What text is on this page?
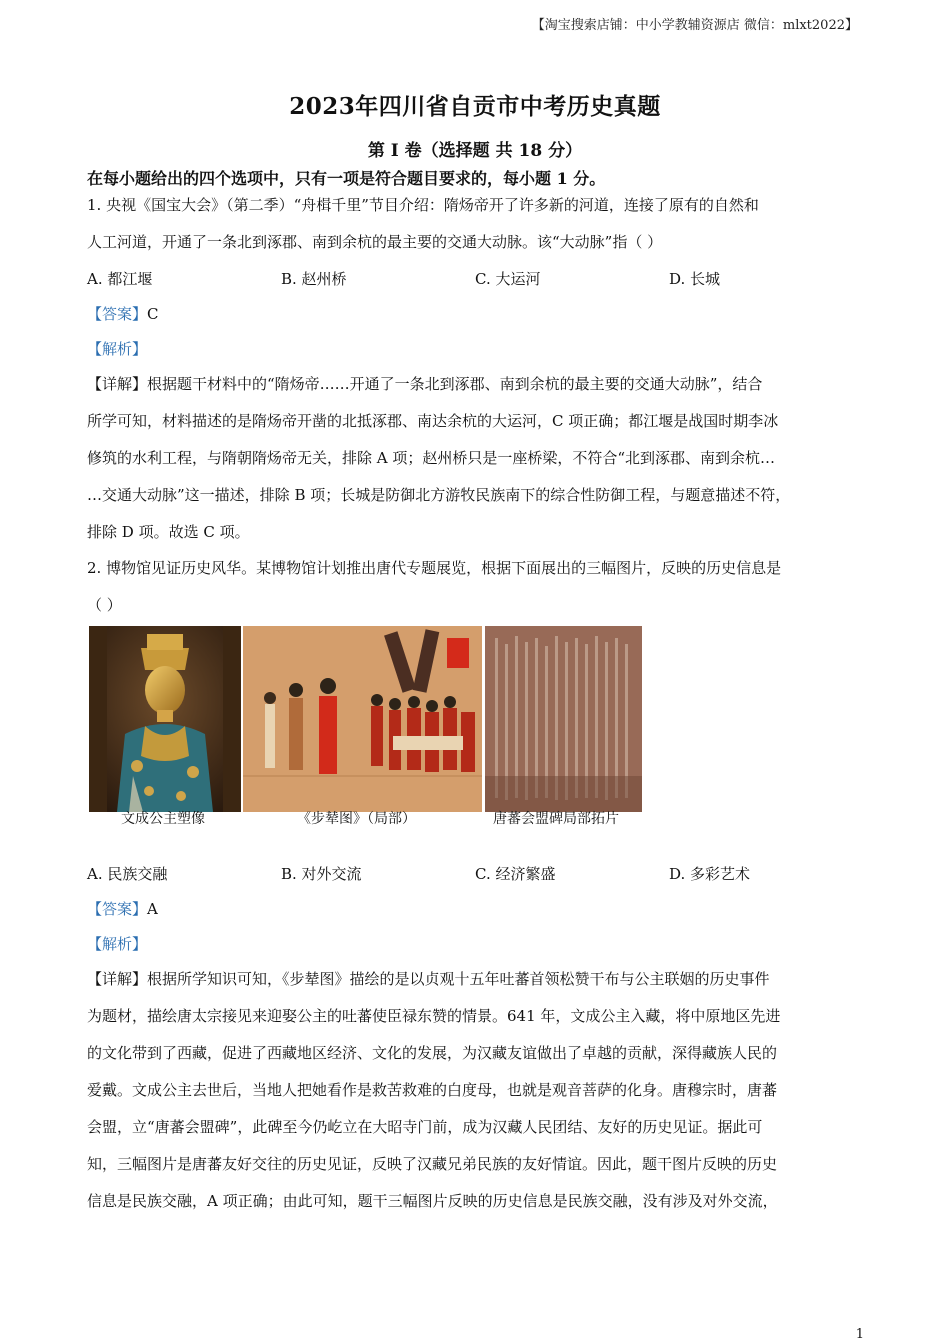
【淘宝搜索店铺：中小学教辅资源店 微信：mlxt2022】
2023年四川省自贡市中考历史真题
第 I 卷（选择题 共 18 分）
在每小题给出的四个选项中，只有一项是符合题目要求的，每小题 1 分。
1. 央视《国宝大会》（第二季）“舟楫千里”节目介绍：隋炀帝开了许多新的河道，连接了原有的自然和
人工河道，开通了一条北到涿郡、南到余杭的最主要的交通大动脉。该“大动脉”指（ ）
A. 都江堰	B. 赵州桥	C. 大运河	D. 长城
【答案】C
【解析】
【详解】根据题干材料中的“隋炀帝……开通了一条北到涿郡、南到余杭的最主要的交通大动脉”，结合
所学可知，材料描述的是隋炀帝开凿的北抵涿郡、南达余杭的大运河，C 项正确；都江堰是战国时期李冰
修筑的水利工程，与隋朝隋炀帝无关，排除 A 项；赵州桥只是一座桥梁，不符合“北到涿郡、南到余杭…
…交通大动脉”这一描述，排除 B 项；长城是防御北方游牧民族南下的综合性防御工程，与题意描述不符，
排除 D 项。故选 C 项。
2. 博物馆见证历史风华。某博物馆计划推出唐代专题展览，根据下面展出的三幅图片，反映的历史信息是
（ ）
文成公主塑像	《步辇图》（局部）	唐蕃会盟碑局部拓片
A. 民族交融	B. 对外交流	C. 经济繁盛	D. 多彩艺术
【答案】A
【解析】
【详解】根据所学知识可知，《步辇图》描绘的是以贞观十五年吐蕃首领松赞干布与公主联姻的历史事件
为题材，描绘唐太宗接见来迎娶公主的吐蕃使臣禄东赞的情景。641 年，文成公主入藏，将中原地区先进
的文化带到了西藏，促进了西藏地区经济、文化的发展，为汉藏友谊做出了卓越的贡献，深得藏族人民的
爱戴。文成公主去世后，当地人把她看作是救苦救难的白度母，也就是观音菩萨的化身。唐穆宗时，唐蕃
会盟，立“唐蕃会盟碑”，此碑至今仍屹立在大昭寺门前，成为汉藏人民团结、友好的历史见证。据此可
知，三幅图片是唐蕃友好交往的历史见证，反映了汉藏兄弟民族的友好情谊。因此，题干图片反映的历史
信息是民族交融，A 项正确；由此可知，题干三幅图片反映的历史信息是民族交融，没有涉及对外交流，
1
